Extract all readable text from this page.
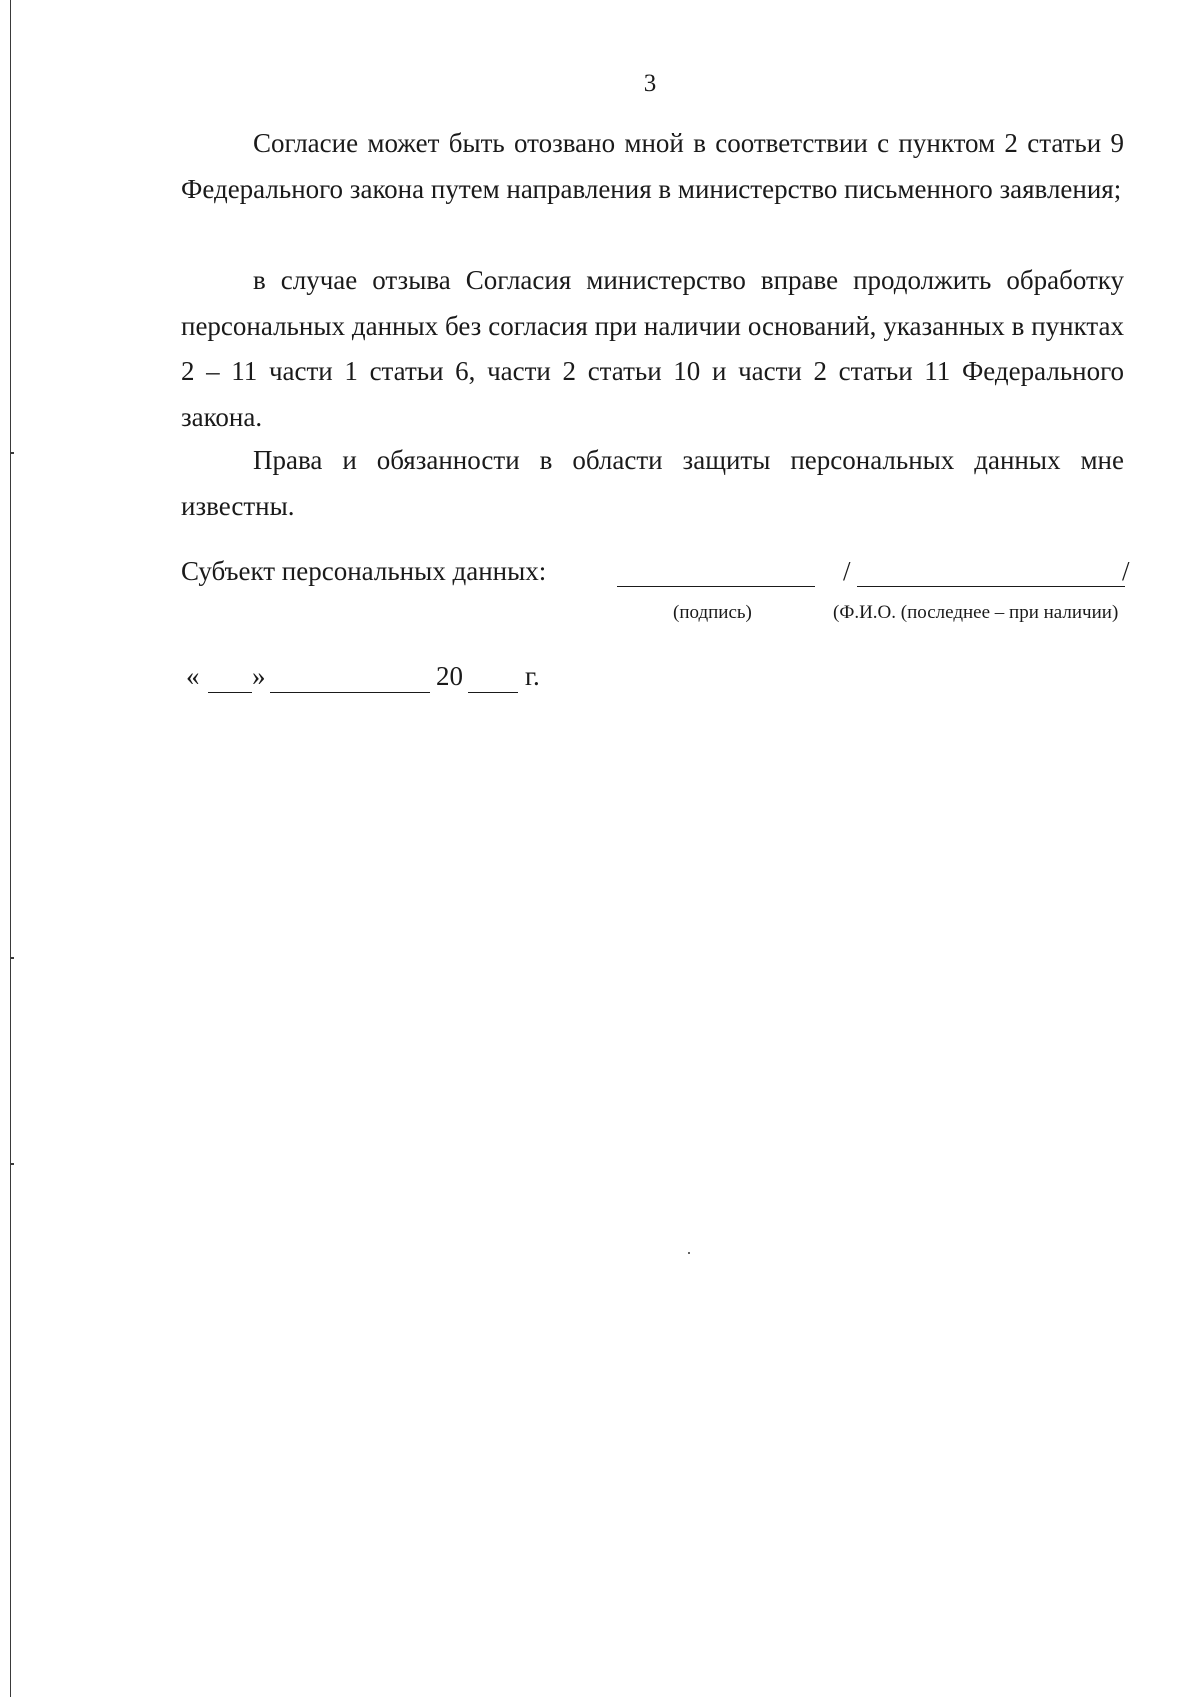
3

Согласие может быть отозвано мной в соответствии с пунктом 2 статьи 9 Федерального закона путем направления в министерство письменного заявления;

в случае отзыва Согласия министерство вправе продолжить обработку персональных данных без согласия при наличии оснований, указанных в пунктах 2 – 11 части 1 статьи 6, части 2 статьи 10 и части 2 статьи 11 Федерального закона.

Права и обязанности в области защиты персональных данных мне известны.

Субъект персональных данных:	/	/
(подпись)	(Ф.И.О. (последнее – при наличии)
« »	20 г.
